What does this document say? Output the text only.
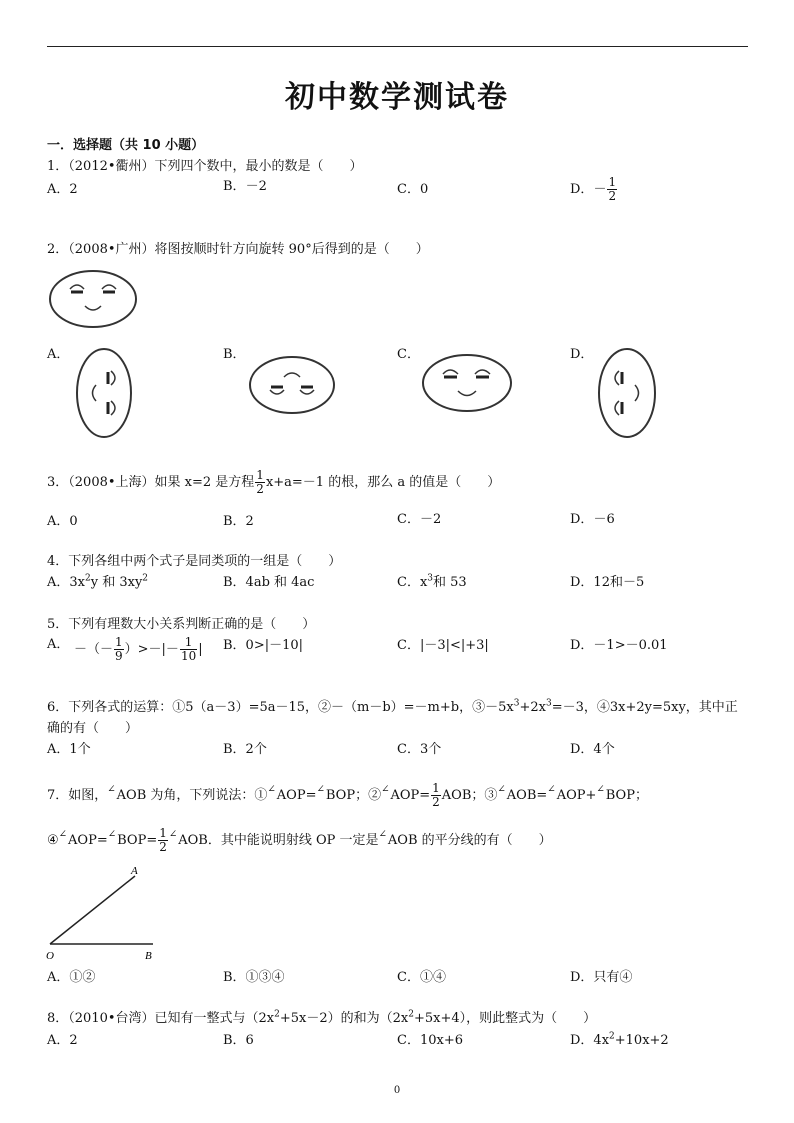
初中数学测试卷
一．选择题（共 10 小题）
1．（2012•衢州）下列四个数中，最小的数是（　　）
A．2	B．－2	C．0	D．－ $\frac{1}{2}$
2．（2008•广州）将图按顺时针方向旋转 90°后得到的是（　　）
A．	B．	C．	D．
3．（2008•上海）如果 x=2 是方程 $\frac{1}{2} x+a=-1$ 的根，那么 a 的值是（　　）
A．0	B．2	C．－2	D．－6
4．下列各组中两个式子是同类项的一组是（　　）
A．$3x^2y$ 和 $3xy^2$	B．4ab 和 4ac	C．$x^3$和 53	D．12和－5
5．下列有理数大小关系判断正确的是（　　）
A． －（－ $\frac{1}{9}$ ）>－|－ $\frac{1}{10}$ | B．0>|－10|	C．|－3|<|+3|	D．－1>－0.01
6．下列各式的运算：①5（a－3）=5a－15，②－（m－b）=－m+b，$③-5x^3+2x^3=-3$，④3x+2y=5xy，其中正
确的有（　　）
A．1个	B．2个	C．3个	D．4个
7．如图，∠AOB 为角，下列说法：①∠AOP=∠BOP；②∠AOP= $\frac{1}{2}$ AOB；③∠AOB=∠AOP+∠BOP；
④∠AOP=∠BOP= $\frac{1}{2} ^\angle AOB$．其中能说明射线 OP 一定是∠AOB 的平分线的有（　　）
A
O	B
A．①②	B．①③④	C．①④	D．只有④
8．（2010•台湾）已知有一整式与$(2x^2+5x-2)$的和为$(2x^2+5x+4)$，则此整式为（　　）
A．2	B．6	C．10x+6	D．$4x^2+10x+2$
0
